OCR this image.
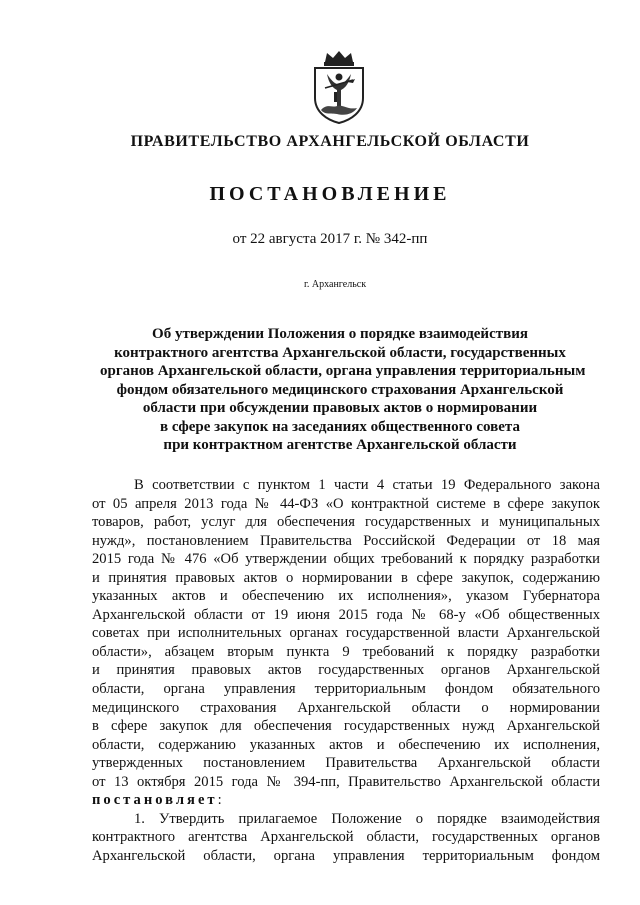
ПРАВИТЕЛЬСТВО АРХАНГЕЛЬСКОЙ ОБЛАСТИ
ПОСТАНОВЛЕНИЕ
от 22 августа 2017 г. № 342-пп
г. Архангельск
Об утверждении Положения о порядке взаимодействия
контрактного агентства Архангельской области, государственных
органов Архангельской области, органа управления территориальным
фондом обязательного медицинского страхования Архангельской
области при обсуждении правовых актов о нормировании
в сфере закупок на заседаниях общественного совета
при контрактном агентстве Архангельской области
В соответствии с пунктом 1 части 4 статьи 19 Федерального закона
от 05 апреля 2013 года № 44-ФЗ «О контрактной системе в сфере закупок
товаров, работ, услуг для обеспечения государственных и муниципальных
нужд», постановлением Правительства Российской Федерации от 18 мая
2015 года № 476 «Об утверждении общих требований к порядку разработки
и принятия правовых актов о нормировании в сфере закупок, содержанию
указанных актов и обеспечению их исполнения», указом Губернатора
Архангельской области от 19 июня 2015 года № 68-у «Об общественных
советах при исполнительных органах государственной власти Архангельской
области», абзацем вторым пункта 9 требований к порядку разработки
и принятия правовых актов государственных органов Архангельской
области, органа управления территориальным фондом обязательного
медицинского страхования Архангельской области о нормировании
в сфере закупок для обеспечения государственных нужд Архангельской
области, содержанию указанных актов и обеспечению их исполнения,
утвержденных постановлением Правительства Архангельской области
от 13 октября 2015 года № 394-пп, Правительство Архангельской области
постановляет:
1. Утвердить прилагаемое Положение о порядке взаимодействия
контрактного агентства Архангельской области, государственных органов
Архангельской области, органа управления территориальным фондом
